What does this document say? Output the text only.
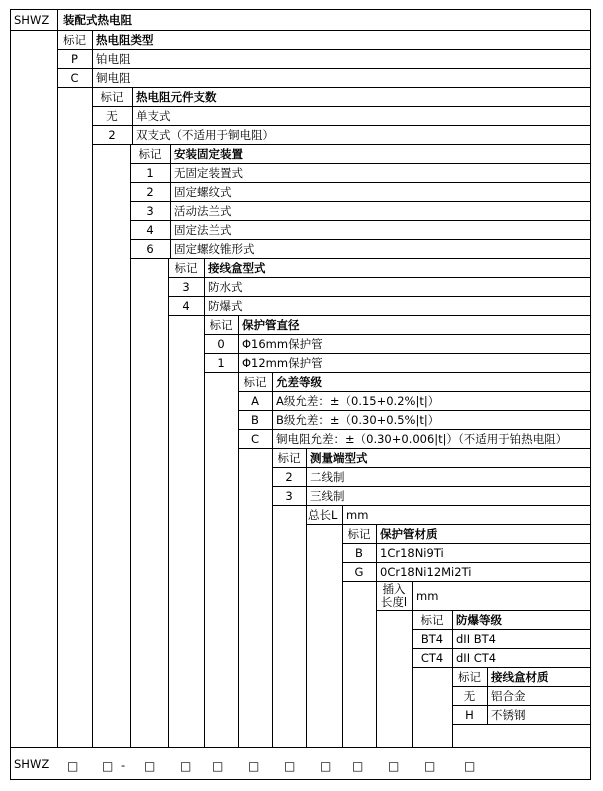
SHWZ 装配式热电阻
标记 热电阻类型
P	铂电阻
C	铜电阻
标记	热电阻元件支数
无	单支式
2	双支式（不适用于铜电阻）
标记	安装固定装置
1	无固定装置式
2	固定螺纹式
3	活动法兰式
4	固定法兰式
6	固定螺纹锥形式
标记 接线盒型式
3	防水式
4	防爆式
标记 保护管直径
0	Φ16mm保护管
1	Φ12mm保护管
标记 允差等级
A	A级允差：±（0.15+0.2%|t|）
B	B级允差：±（0.30+0.5%|t|）
C	铜电阻允差：±（0.30+0.006|t|）（不适用于铂热电阻）
标记 测量端型式
2	二线制
3	三线制
总长L mm
标记 保护管材质
B	1Cr18Ni9Ti
G	0Cr18Ni12Mi2Ti
插入
长度l mm
标记	防爆等级
BT4	dII BT4
CT4	dII CT4
标记 接线盒材质
无	铝合金
H	不锈钢
SHWZ □ □	□ □ □ □ □ □ □ □ □ □
-
